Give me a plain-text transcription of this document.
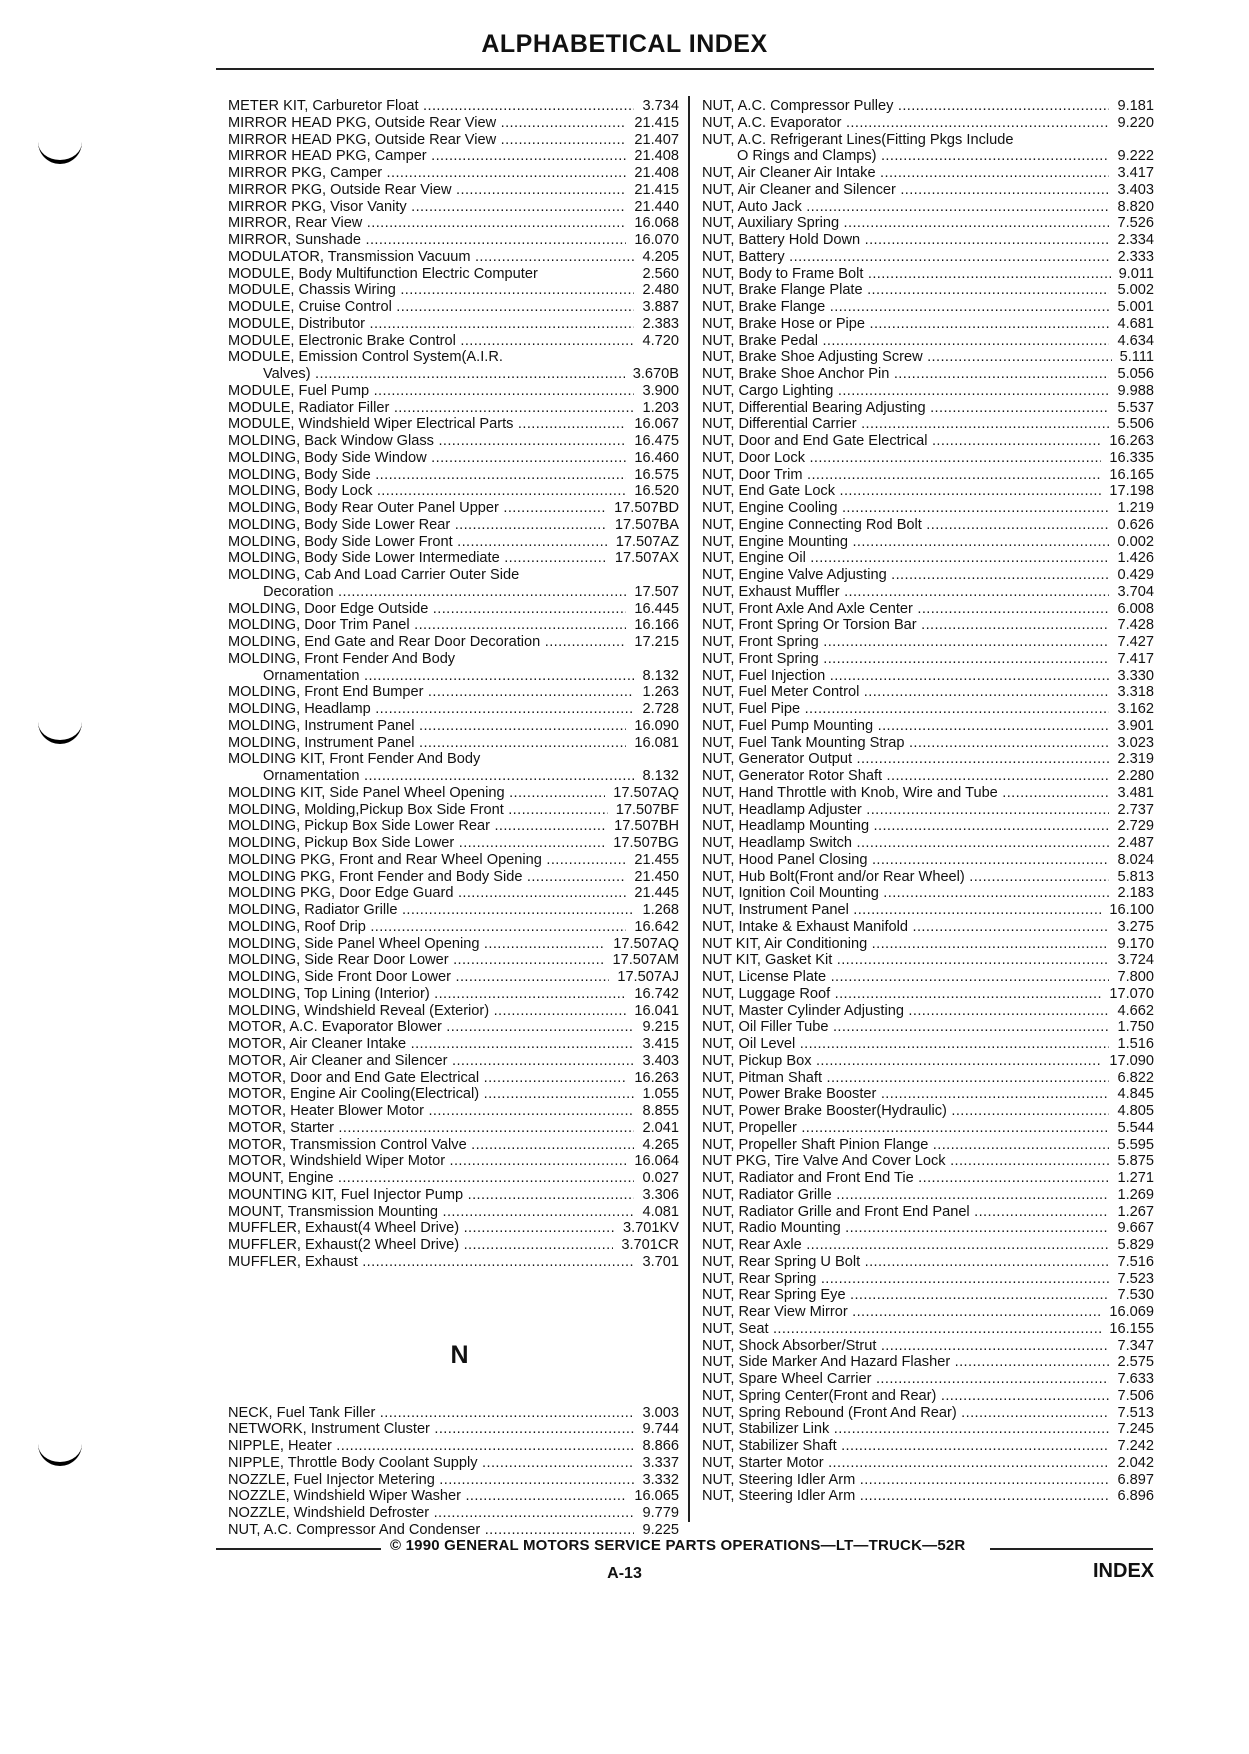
ALPHABETICAL INDEX
METER KIT, Carburetor Float .....	3.734
MIRROR HEAD PKG, Outside Rear View .....	21.415
MIRROR HEAD PKG, Outside Rear View .....	21.407
MIRROR HEAD PKG, Camper .....	21.408
MIRROR PKG, Camper .....	21.408
MIRROR PKG, Outside Rear View .....	21.415
MIRROR PKG, Visor Vanity .....	21.440
MIRROR, Rear View .....	16.068
MIRROR, Sunshade .....	16.070
MODULATOR, Transmission Vacuum .....	4.205
MODULE, Body Multifunction Electric Computer	2.560
MODULE, Chassis Wiring .....	2.480
MODULE, Cruise Control .....	3.887
MODULE, Distributor .....	2.383
MODULE, Electronic Brake Control .....	4.720
MODULE, Emission Control System(A.I.R.
Valves) .....	3.670B
MODULE, Fuel Pump .....	3.900
MODULE, Radiator Filler .....	1.203
MODULE, Windshield Wiper Electrical Parts .....	16.067
MOLDING, Back Window Glass .....	16.475
MOLDING, Body Side Window .....	16.460
MOLDING, Body Side .....	16.575
MOLDING, Body Lock .....	16.520
MOLDING, Body Rear Outer Panel Upper .....	17.507BD
MOLDING, Body Side Lower Rear .....	17.507BA
MOLDING, Body Side Lower Front .....	17.507AZ
MOLDING, Body Side Lower Intermediate .....	17.507AX
MOLDING, Cab And Load Carrier Outer Side
Decoration .....	17.507
MOLDING, Door Edge Outside .....	16.445
MOLDING, Door Trim Panel .....	16.166
MOLDING, End Gate and Rear Door Decoration .....	17.215
MOLDING, Front Fender And Body
Ornamentation .....	8.132
MOLDING, Front End Bumper .....	1.263
MOLDING, Headlamp .....	2.728
MOLDING, Instrument Panel .....	16.090
MOLDING, Instrument Panel .....	16.081
MOLDING KIT, Front Fender And Body
Ornamentation .....	8.132
MOLDING KIT, Side Panel Wheel Opening .....	17.507AQ
MOLDING, Molding,Pickup Box Side Front .....	17.507BF
MOLDING, Pickup Box Side Lower Rear .....	17.507BH
MOLDING, Pickup Box Side Lower .....	17.507BG
MOLDING PKG, Front and Rear Wheel Opening .....	21.455
MOLDING PKG, Front Fender and Body Side .....	21.450
MOLDING PKG, Door Edge Guard .....	21.445
MOLDING, Radiator Grille .....	1.268
MOLDING, Roof Drip .....	16.642
MOLDING, Side Panel Wheel Opening .....	17.507AQ
MOLDING, Side Rear Door Lower .....	17.507AM
MOLDING, Side Front Door Lower .....	17.507AJ
MOLDING, Top Lining (Interior) .....	16.742
MOLDING, Windshield Reveal (Exterior) .....	16.041
MOTOR, A.C. Evaporator Blower .....	9.215
MOTOR, Air Cleaner Intake .....	3.415
MOTOR, Air Cleaner and Silencer .....	3.403
MOTOR, Door and End Gate Electrical .....	16.263
MOTOR, Engine Air Cooling(Electrical) .....	1.055
MOTOR, Heater Blower Motor .....	8.855
MOTOR, Starter .....	2.041
MOTOR, Transmission Control Valve .....	4.265
MOTOR, Windshield Wiper Motor .....	16.064
MOUNT, Engine .....	0.027
MOUNTING KIT, Fuel Injector Pump .....	3.306
MOUNT, Transmission Mounting .....	4.081
MUFFLER, Exhaust(4 Wheel Drive) .....	3.701KV
MUFFLER, Exhaust(2 Wheel Drive) .....	3.701CR
MUFFLER, Exhaust .....	3.701
N
NECK, Fuel Tank Filler .....	3.003
NETWORK, Instrument Cluster .....	9.744
NIPPLE, Heater .....	8.866
NIPPLE, Throttle Body Coolant Supply .....	3.337
NOZZLE, Fuel Injector Metering .....	3.332
NOZZLE, Windshield Wiper Washer .....	16.065
NOZZLE, Windshield Defroster .....	9.779
NUT, A.C. Compressor And Condenser .....	9.225
NUT, A.C. Compressor Pulley .....	9.181
NUT, A.C. Evaporator .....	9.220
NUT, A.C. Refrigerant Lines(Fitting Pkgs Include
O Rings and Clamps) .....	9.222
NUT, Air Cleaner Air Intake .....	3.417
NUT, Air Cleaner and Silencer .....	3.403
NUT, Auto Jack .....	8.820
NUT, Auxiliary Spring .....	7.526
NUT, Battery Hold Down .....	2.334
NUT, Battery .....	2.333
NUT, Body to Frame Bolt .....	9.011
NUT, Brake Flange Plate .....	5.002
NUT, Brake Flange .....	5.001
NUT, Brake Hose or Pipe .....	4.681
NUT, Brake Pedal .....	4.634
NUT, Brake Shoe Adjusting Screw .....	5.111
NUT, Brake Shoe Anchor Pin .....	5.056
NUT, Cargo Lighting .....	9.988
NUT, Differential Bearing Adjusting .....	5.537
NUT, Differential Carrier .....	5.506
NUT, Door and End Gate Electrical .....	16.263
NUT, Door Lock .....	16.335
NUT, Door Trim .....	16.165
NUT, End Gate Lock .....	17.198
NUT, Engine Cooling .....	1.219
NUT, Engine Connecting Rod Bolt .....	0.626
NUT, Engine Mounting .....	0.002
NUT, Engine Oil .....	1.426
NUT, Engine Valve Adjusting .....	0.429
NUT, Exhaust Muffler .....	3.704
NUT, Front Axle And Axle Center .....	6.008
NUT, Front Spring Or Torsion Bar .....	7.428
NUT, Front Spring .....	7.427
NUT, Front Spring .....	7.417
NUT, Fuel Injection .....	3.330
NUT, Fuel Meter Control .....	3.318
NUT, Fuel Pipe .....	3.162
NUT, Fuel Pump Mounting .....	3.901
NUT, Fuel Tank Mounting Strap .....	3.023
NUT, Generator Output .....	2.319
NUT, Generator Rotor Shaft .....	2.280
NUT, Hand Throttle with Knob, Wire and Tube .....	3.481
NUT, Headlamp Adjuster .....	2.737
NUT, Headlamp Mounting .....	2.729
NUT, Headlamp Switch .....	2.487
NUT, Hood Panel Closing .....	8.024
NUT, Hub Bolt(Front and/or Rear Wheel) .....	5.813
NUT, Ignition Coil Mounting .....	2.183
NUT, Instrument Panel .....	16.100
NUT, Intake & Exhaust Manifold .....	3.275
NUT KIT, Air Conditioning .....	9.170
NUT KIT, Gasket Kit .....	3.724
NUT, License Plate .....	7.800
NUT, Luggage Roof .....	17.070
NUT, Master Cylinder Adjusting .....	4.662
NUT, Oil Filler Tube .....	1.750
NUT, Oil Level .....	1.516
NUT, Pickup Box .....	17.090
NUT, Pitman Shaft .....	6.822
NUT, Power Brake Booster .....	4.845
NUT, Power Brake Booster(Hydraulic) .....	4.805
NUT, Propeller .....	5.544
NUT, Propeller Shaft Pinion Flange .....	5.595
NUT PKG, Tire Valve And Cover Lock .....	5.875
NUT, Radiator and Front End Tie .....	1.271
NUT, Radiator Grille .....	1.269
NUT, Radiator Grille and Front End Panel .....	1.267
NUT, Radio Mounting .....	9.667
NUT, Rear Axle .....	5.829
NUT, Rear Spring U Bolt .....	7.516
NUT, Rear Spring .....	7.523
NUT, Rear Spring Eye .....	7.530
NUT, Rear View Mirror .....	16.069
NUT, Seat .....	16.155
NUT, Shock Absorber/Strut .....	7.347
NUT, Side Marker And Hazard Flasher .....	2.575
NUT, Spare Wheel Carrier .....	7.633
NUT, Spring Center(Front and Rear) .....	7.506
NUT, Spring Rebound (Front And Rear) .....	7.513
NUT, Stabilizer Link .....	7.245
NUT, Stabilizer Shaft .....	7.242
NUT, Starter Motor .....	2.042
NUT, Steering Idler Arm .....	6.897
NUT, Steering Idler Arm .....	6.896
© 1990 GENERAL MOTORS SERVICE PARTS OPERATIONS—LT—TRUCK—52R
A-13	INDEX
